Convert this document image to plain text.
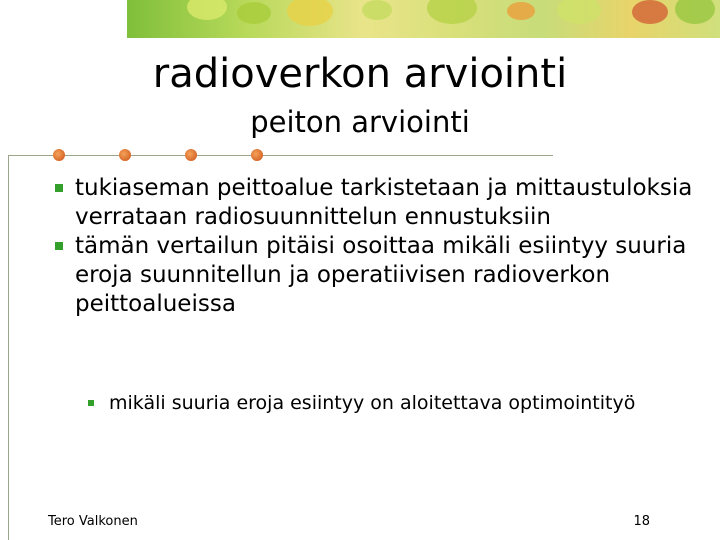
radioverkon arviointi
peiton arviointi
tukiaseman peittoalue tarkistetaan ja mittaustuloksia verrataan radiosuunnittelun ennustuksiin
tämän vertailun pitäisi osoittaa mikäli esiintyy suuria eroja suunnitellun ja operatiivisen radioverkon peittoalueissa
mikäli suuria eroja esiintyy on aloitettava optimointityö
Tero Valkonen	18
